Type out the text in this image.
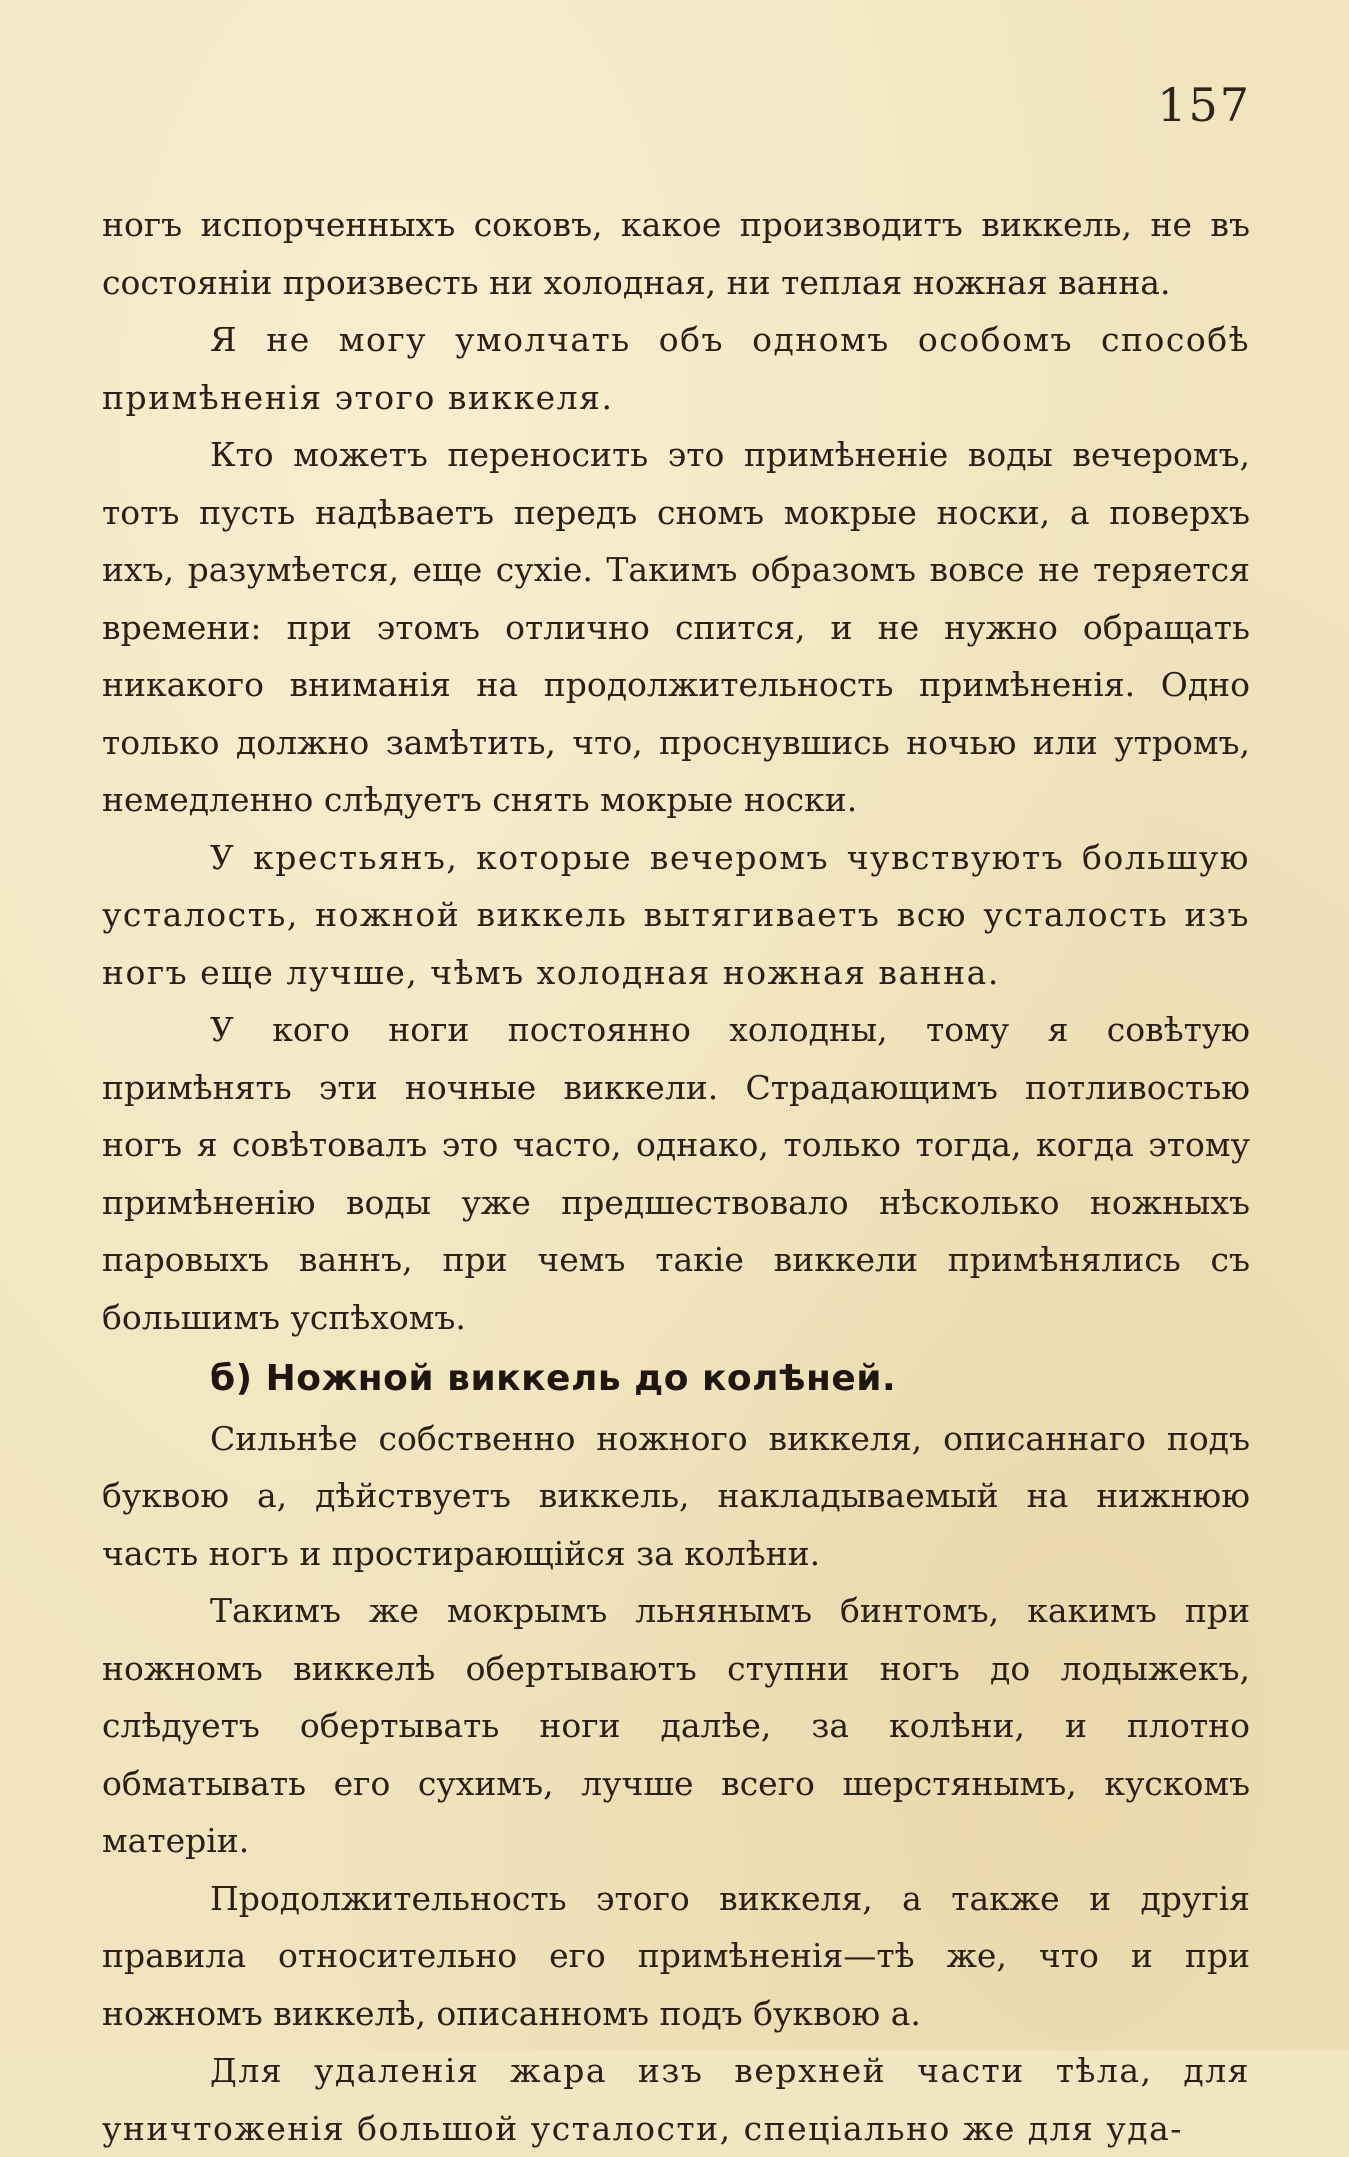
157

ногъ испорченныхъ соковъ, какое производитъ виккель, не въ состояніи произвесть ни холодная, ни теплая ножная ванна.

Я не могу умолчать объ одномъ особомъ способѣ примѣненія этого виккеля.

Кто можетъ переносить это примѣненіе воды вечеромъ, тотъ пусть надѣваетъ передъ сномъ мокрые носки, а поверхъ ихъ, разумѣется, еще сухіе. Такимъ образомъ вовсе не теряется времени: при этомъ отлично спится, и не нужно обращать никакого вниманія на продолжительность примѣненія. Одно только должно замѣтить, что, проснувшись ночью или утромъ, немедленно слѣдуетъ снять мокрые носки.

У крестьянъ, которые вечеромъ чувствуютъ большую усталость, ножной виккель вытягиваетъ всю усталость изъ ногъ еще лучше, чѣмъ холодная ножная ванна.

У кого ноги постоянно холодны, тому я совѣтую примѣнять эти ночные виккели. Страдающимъ потливостью ногъ я совѣтовалъ это часто, однако, только тогда, когда этому примѣненію воды уже предшествовало нѣсколько ножныхъ паровыхъ ваннъ, при чемъ такіе виккели примѣнялись съ большимъ успѣхомъ.

б) Ножной виккель до колѣней.

Сильнѣе собственно ножного виккеля, описаннаго подъ буквою а, дѣйствуетъ виккель, накладываемый на нижнюю часть ногъ и простирающійся за колѣни.

Такимъ же мокрымъ льнянымъ бинтомъ, какимъ при ножномъ виккелѣ обертываютъ ступни ногъ до лодыжекъ, слѣдуетъ обертывать ноги далѣе, за колѣни, и плотно обматывать его сухимъ, лучше всего шерстянымъ, кускомъ матеріи.

Продолжительность этого виккеля, а также и другія правила относительно его примѣненія—тѣ же, что и при ножномъ виккелѣ, описанномъ подъ буквою а.

Для удаленія жара изъ верхней части тѣла, для уничтоженія большой усталости, спеціально же для уда-
